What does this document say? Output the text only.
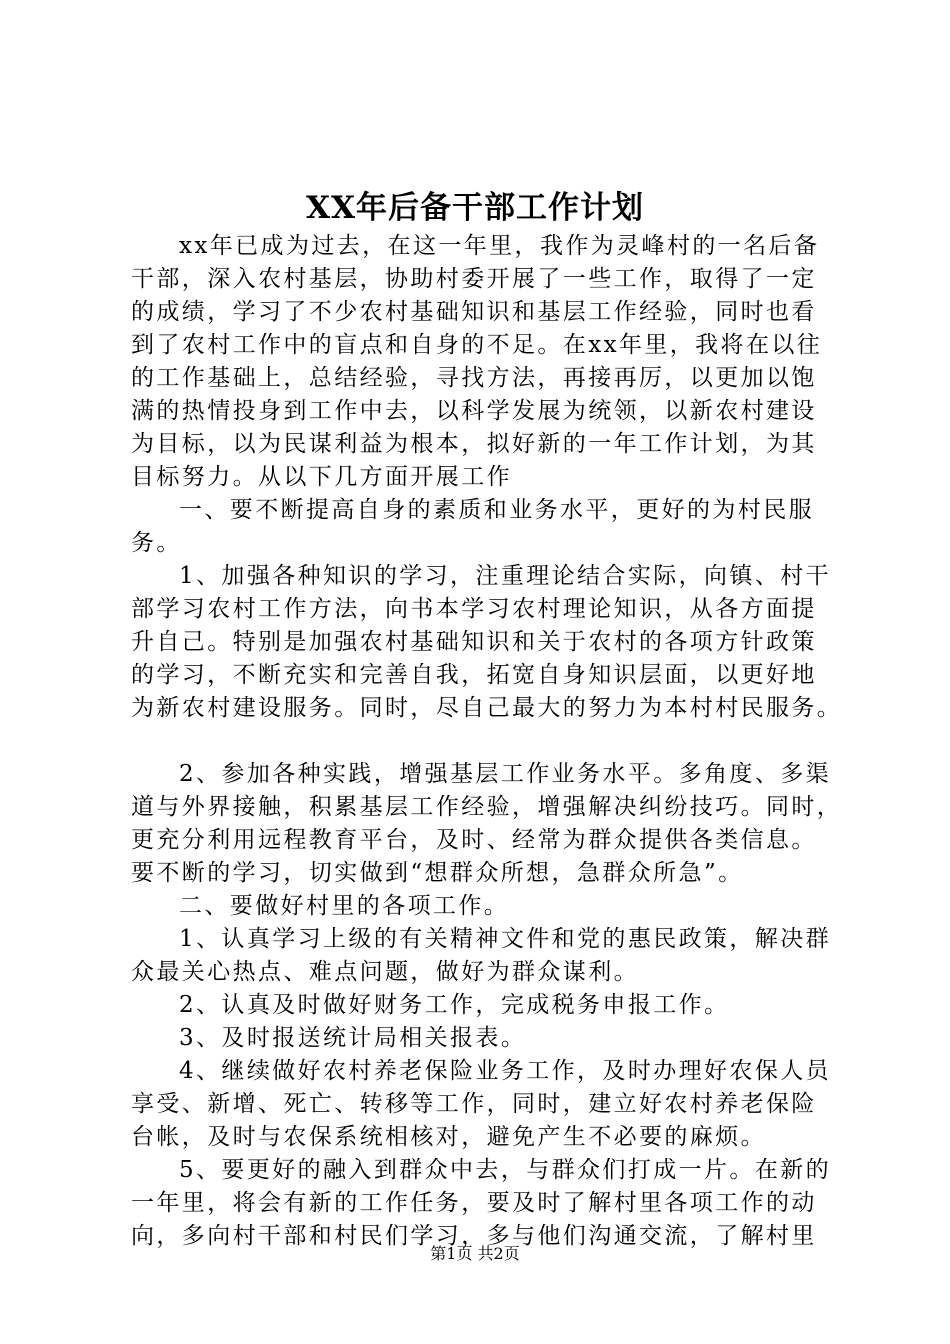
XX年后备干部工作计划
xx年已成为过去，在这一年里，我作为灵峰村的一名后备
干部，深入农村基层，协助村委开展了一些工作，取得了一定
的成绩，学习了不少农村基础知识和基层工作经验，同时也看
到了农村工作中的盲点和自身的不足。在xx年里，我将在以往
的工作基础上，总结经验，寻找方法，再接再厉，以更加以饱
满的热情投身到工作中去，以科学发展为统领，以新农村建设
为目标，以为民谋利益为根本，拟好新的一年工作计划，为其
目标努力。从以下几方面开展工作
一、要不断提高自身的素质和业务水平，更好的为村民服
务。
1、加强各种知识的学习，注重理论结合实际，向镇、村干
部学习农村工作方法，向书本学习农村理论知识，从各方面提
升自己。特别是加强农村基础知识和关于农村的各项方针政策
的学习，不断充实和完善自我，拓宽自身知识层面，以更好地
为新农村建设服务。同时，尽自己最大的努力为本村村民服务。
2、参加各种实践，增强基层工作业务水平。多角度、多渠
道与外界接触，积累基层工作经验，增强解决纠纷技巧。同时，
更充分利用远程教育平台，及时、经常为群众提供各类信息。
要不断的学习，切实做到“想群众所想，急群众所急”。
二、要做好村里的各项工作。
1、认真学习上级的有关精神文件和党的惠民政策，解决群
众最关心热点、难点问题，做好为群众谋利。
2、认真及时做好财务工作，完成税务申报工作。
3、及时报送统计局相关报表。
4、继续做好农村养老保险业务工作，及时办理好农保人员
享受、新增、死亡、转移等工作，同时，建立好农村养老保险
台帐，及时与农保系统相核对，避免产生不必要的麻烦。
5、要更好的融入到群众中去，与群众们打成一片。在新的
一年里，将会有新的工作任务，要及时了解村里各项工作的动
向，多向村干部和村民们学习，多与他们沟通交流，了解村里
第1页 共2页
